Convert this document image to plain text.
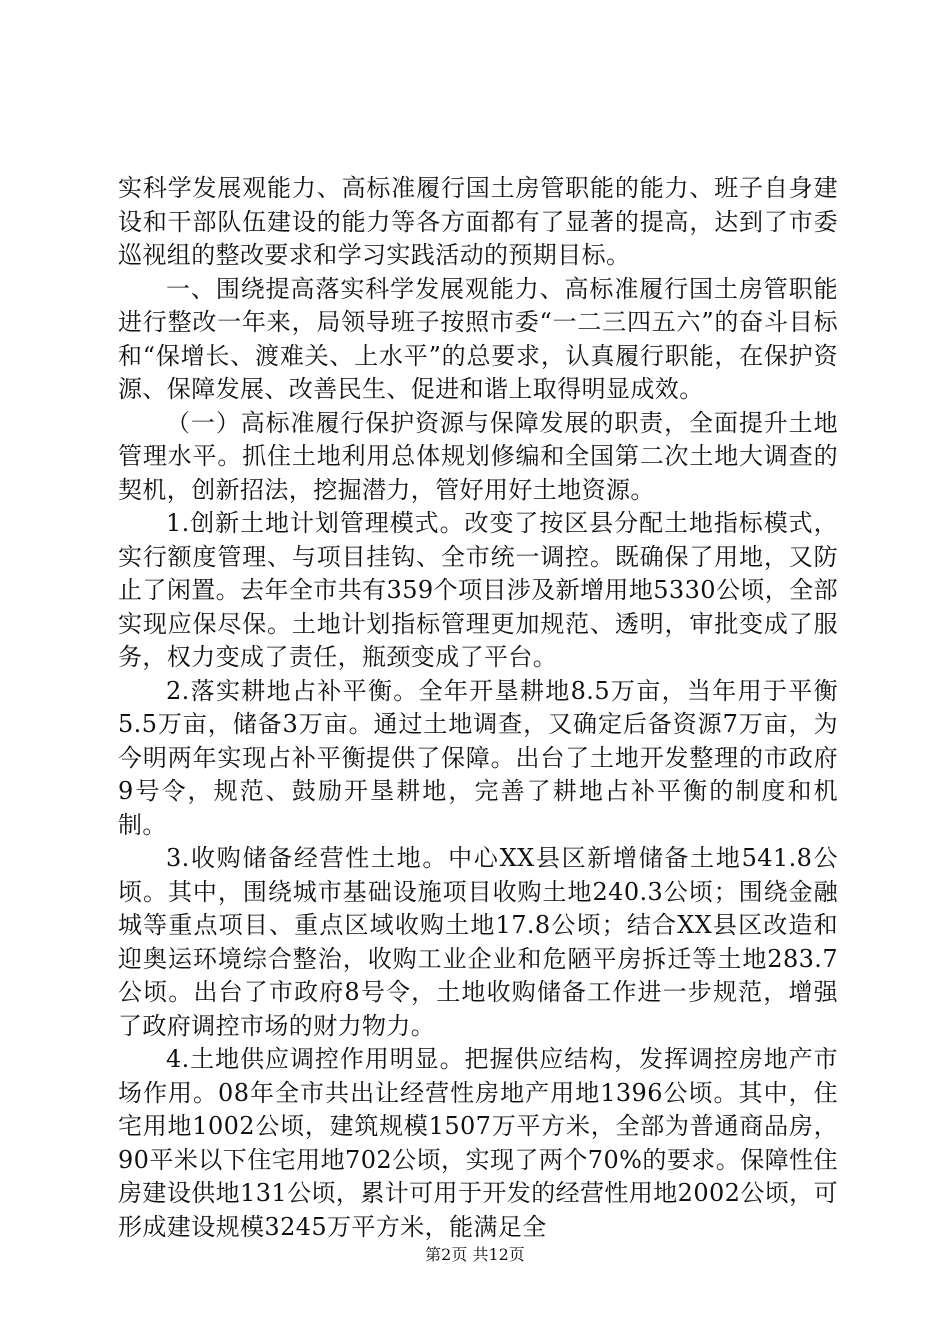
实科学发展观能力、高标准履行国土房管职能的能力、班子自身建设和干部队伍建设的能力等各方面都有了显著的提高，达到了市委巡视组的整改要求和学习实践活动的预期目标。

一、围绕提高落实科学发展观能力、高标准履行国土房管职能进行整改一年来，局领导班子按照市委“一二三四五六”的奋斗目标和“保增长、渡难关、上水平”的总要求，认真履行职能，在保护资源、保障发展、改善民生、促进和谐上取得明显成效。

（一）高标准履行保护资源与保障发展的职责，全面提升土地管理水平。抓住土地利用总体规划修编和全国第二次土地大调查的契机，创新招法，挖掘潜力，管好用好土地资源。

1.创新土地计划管理模式。改变了按区县分配土地指标模式，实行额度管理、与项目挂钩、全市统一调控。既确保了用地，又防止了闲置。去年全市共有359个项目涉及新增用地5330公顷，全部实现应保尽保。土地计划指标管理更加规范、透明，审批变成了服务，权力变成了责任，瓶颈变成了平台。

2.落实耕地占补平衡。全年开垦耕地8.5万亩，当年用于平衡5.5万亩，储备3万亩。通过土地调查，又确定后备资源7万亩，为今明两年实现占补平衡提供了保障。出台了土地开发整理的市政府9号令，规范、鼓励开垦耕地，完善了耕地占补平衡的制度和机制。

3.收购储备经营性土地。中心XX县区新增储备土地541.8公顷。其中，围绕城市基础设施项目收购土地240.3公顷；围绕金融城等重点项目、重点区域收购土地17.8公顷；结合XX县区改造和迎奥运环境综合整治，收购工业企业和危陋平房拆迁等土地283.7公顷。出台了市政府8号令，土地收购储备工作进一步规范，增强了政府调控市场的财力物力。

4.土地供应调控作用明显。把握供应结构，发挥调控房地产市场作用。08年全市共出让经营性房地产用地1396公顷。其中，住宅用地1002公顷，建筑规模1507万平方米，全部为普通商品房，90平米以下住宅用地702公顷，实现了两个70%的要求。保障性住房建设供地131公顷，累计可用于开发的经营性用地2002公顷，可形成建设规模3245万平方米，能满足全

第2页 共12页
